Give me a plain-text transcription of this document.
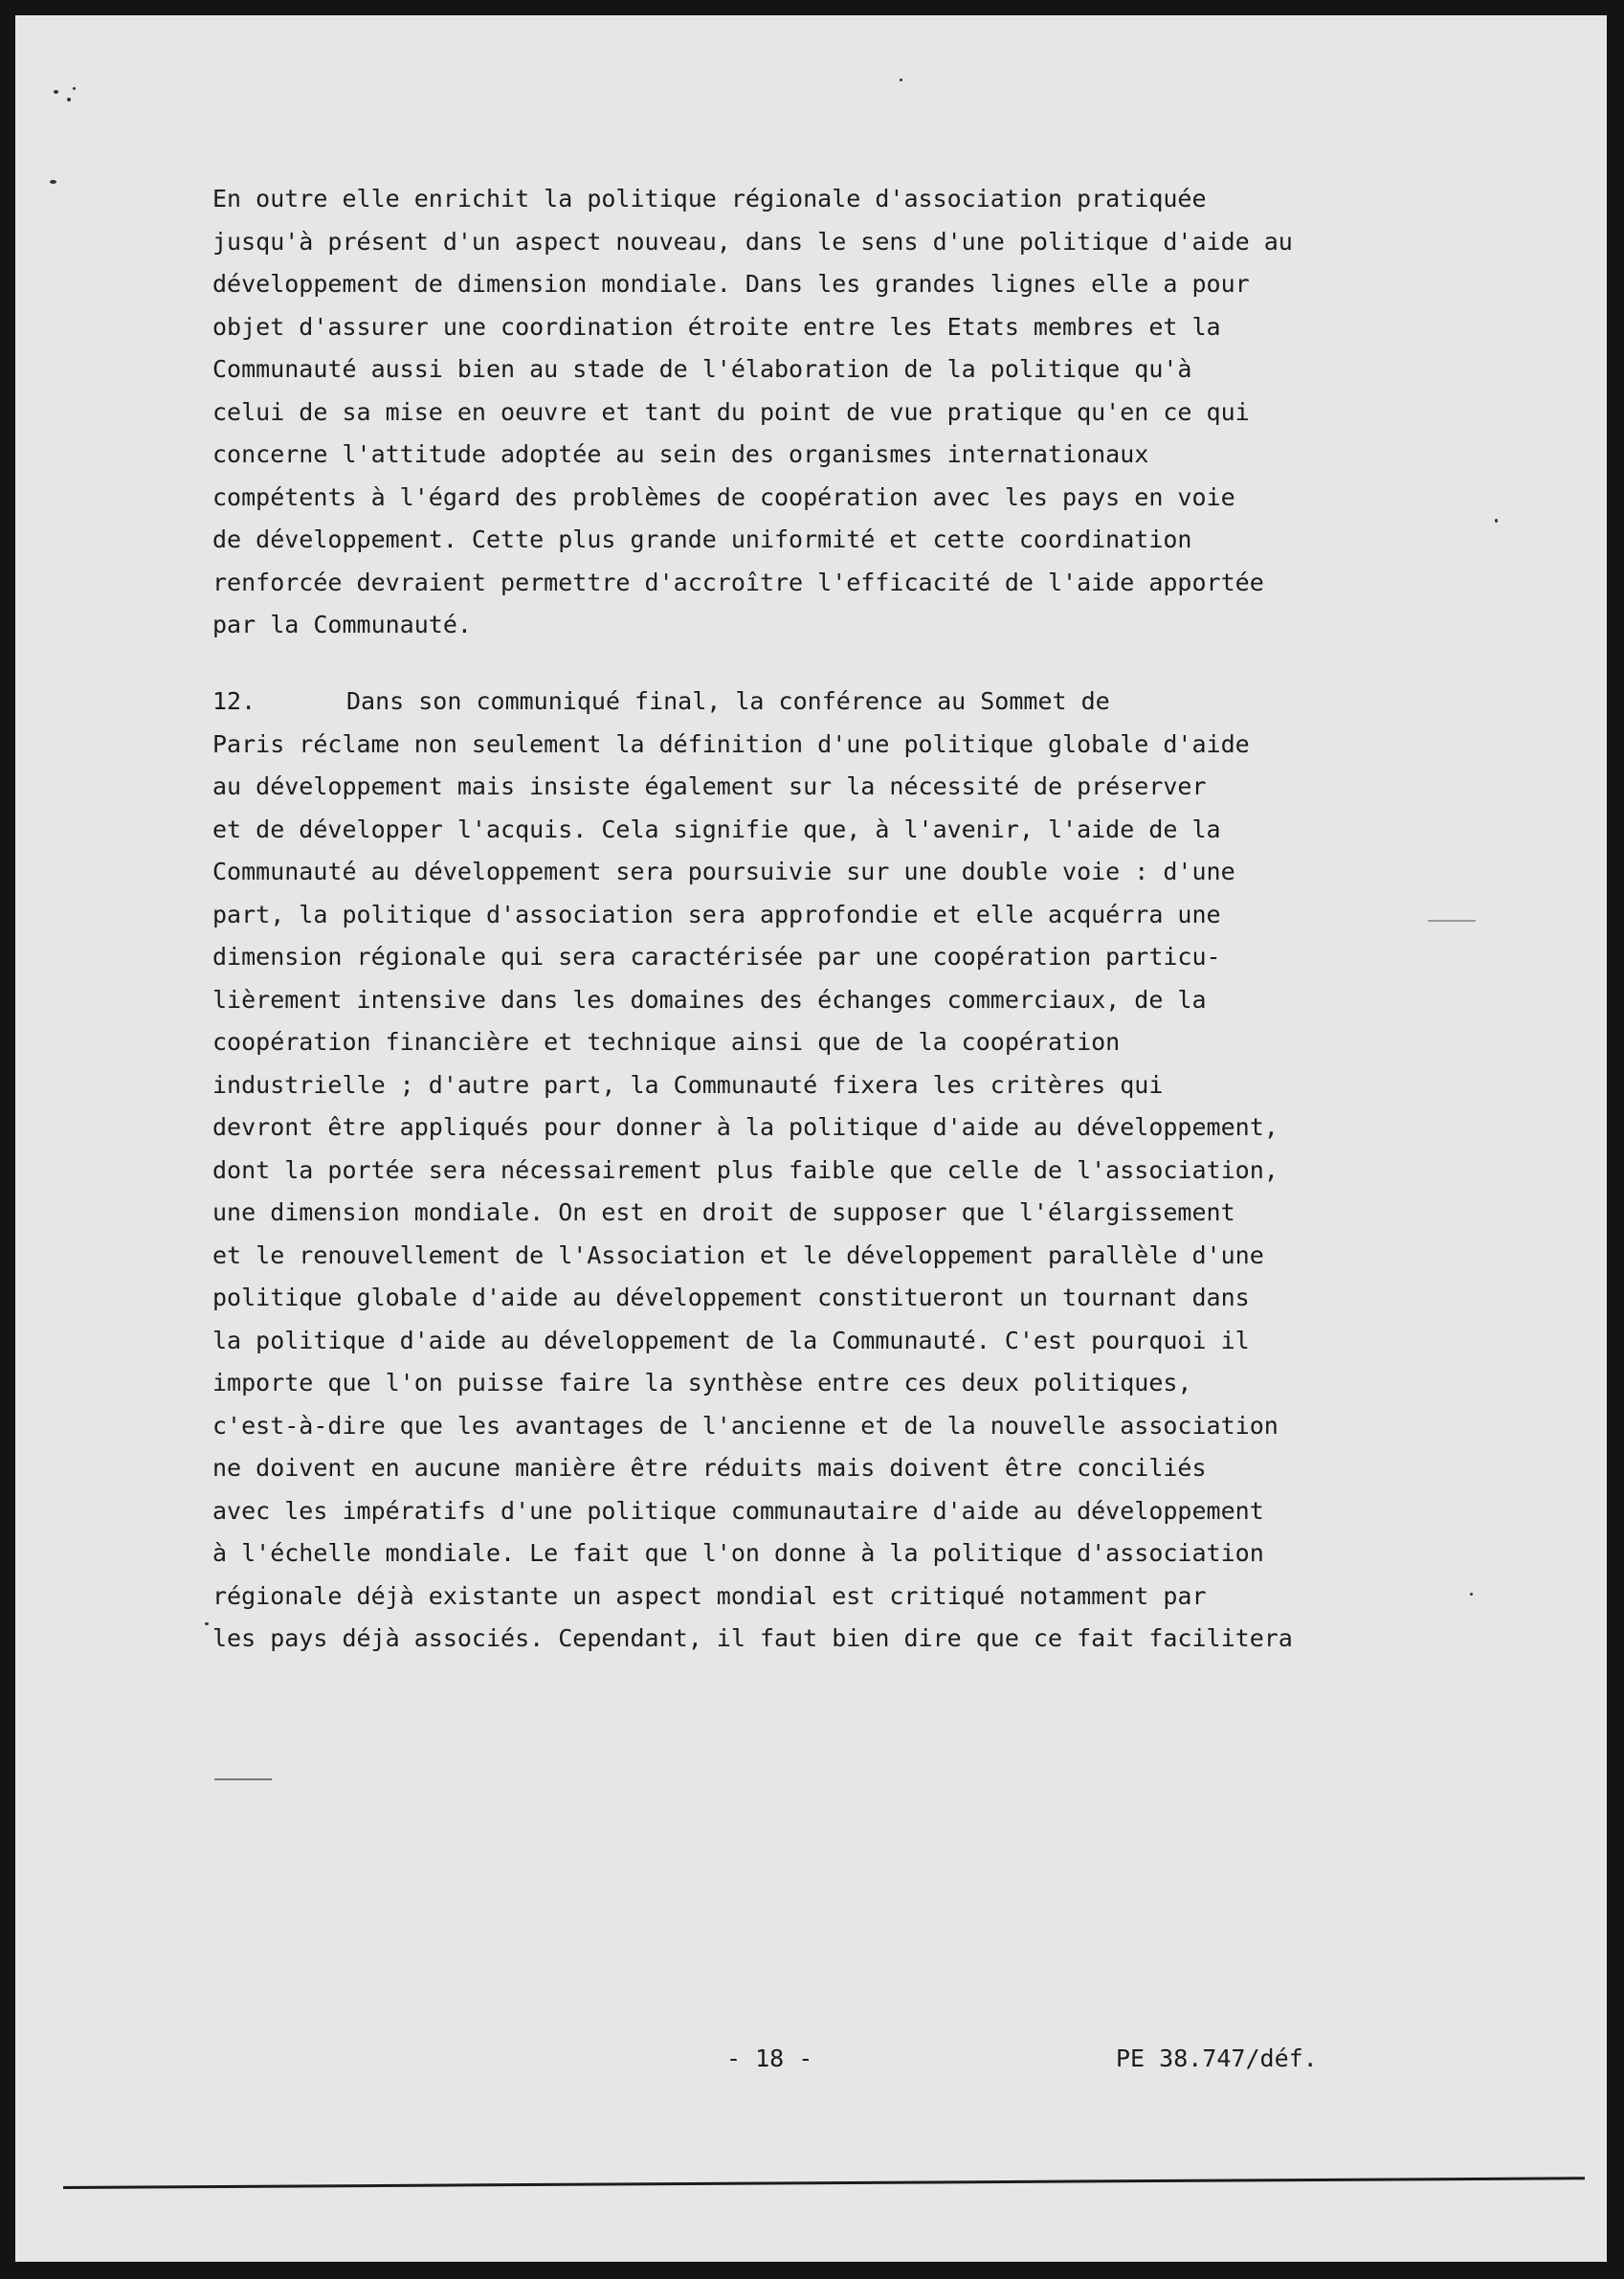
En outre elle enrichit la politique régionale d'association pratiquée
jusqu'à présent d'un aspect nouveau, dans le sens d'une politique d'aide au
développement de dimension mondiale. Dans les grandes lignes elle a pour
objet d'assurer une coordination étroite entre les Etats membres et la
Communauté aussi bien au stade de l'élaboration de la politique qu'à
celui de sa mise en oeuvre et tant du point de vue pratique qu'en ce qui
concerne l'attitude adoptée au sein des organismes internationaux
compétents à l'égard des problèmes de coopération avec les pays en voie
de développement. Cette plus grande uniformité et cette coordination
renforcée devraient permettre d'accroître l'efficacité de l'aide apportée
par la Communauté.
12.	Dans son communiqué final, la conférence au Sommet de
Paris réclame non seulement la définition d'une politique globale d'aide
au développement mais insiste également sur la nécessité de préserver
et de développer l'acquis. Cela signifie que, à l'avenir, l'aide de la
Communauté au développement sera poursuivie sur une double voie : d'une
part, la politique d'association sera approfondie et elle acquérra une
dimension régionale qui sera caractérisée par une coopération particu-
lièrement intensive dans les domaines des échanges commerciaux, de la
coopération financière et technique ainsi que de la coopération
industrielle ; d'autre part, la Communauté fixera les critères qui
devront être appliqués pour donner à la politique d'aide au développement,
dont la portée sera nécessairement plus faible que celle de l'association,
une dimension mondiale. On est en droit de supposer que l'élargissement
et le renouvellement de l'Association et le développement parallèle d'une
politique globale d'aide au développement constitueront un tournant dans
la politique d'aide au développement de la Communauté. C'est pourquoi il
importe que l'on puisse faire la synthèse entre ces deux politiques,
c'est-à-dire que les avantages de l'ancienne et de la nouvelle association
ne doivent en aucune manière être réduits mais doivent être conciliés
avec les impératifs d'une politique communautaire d'aide au développement
à l'échelle mondiale. Le fait que l'on donne à la politique d'association
régionale déjà existante un aspect mondial est critiqué notamment par
les pays déjà associés. Cependant, il faut bien dire que ce fait facilitera
- 18 -	PE 38.747/déf.
